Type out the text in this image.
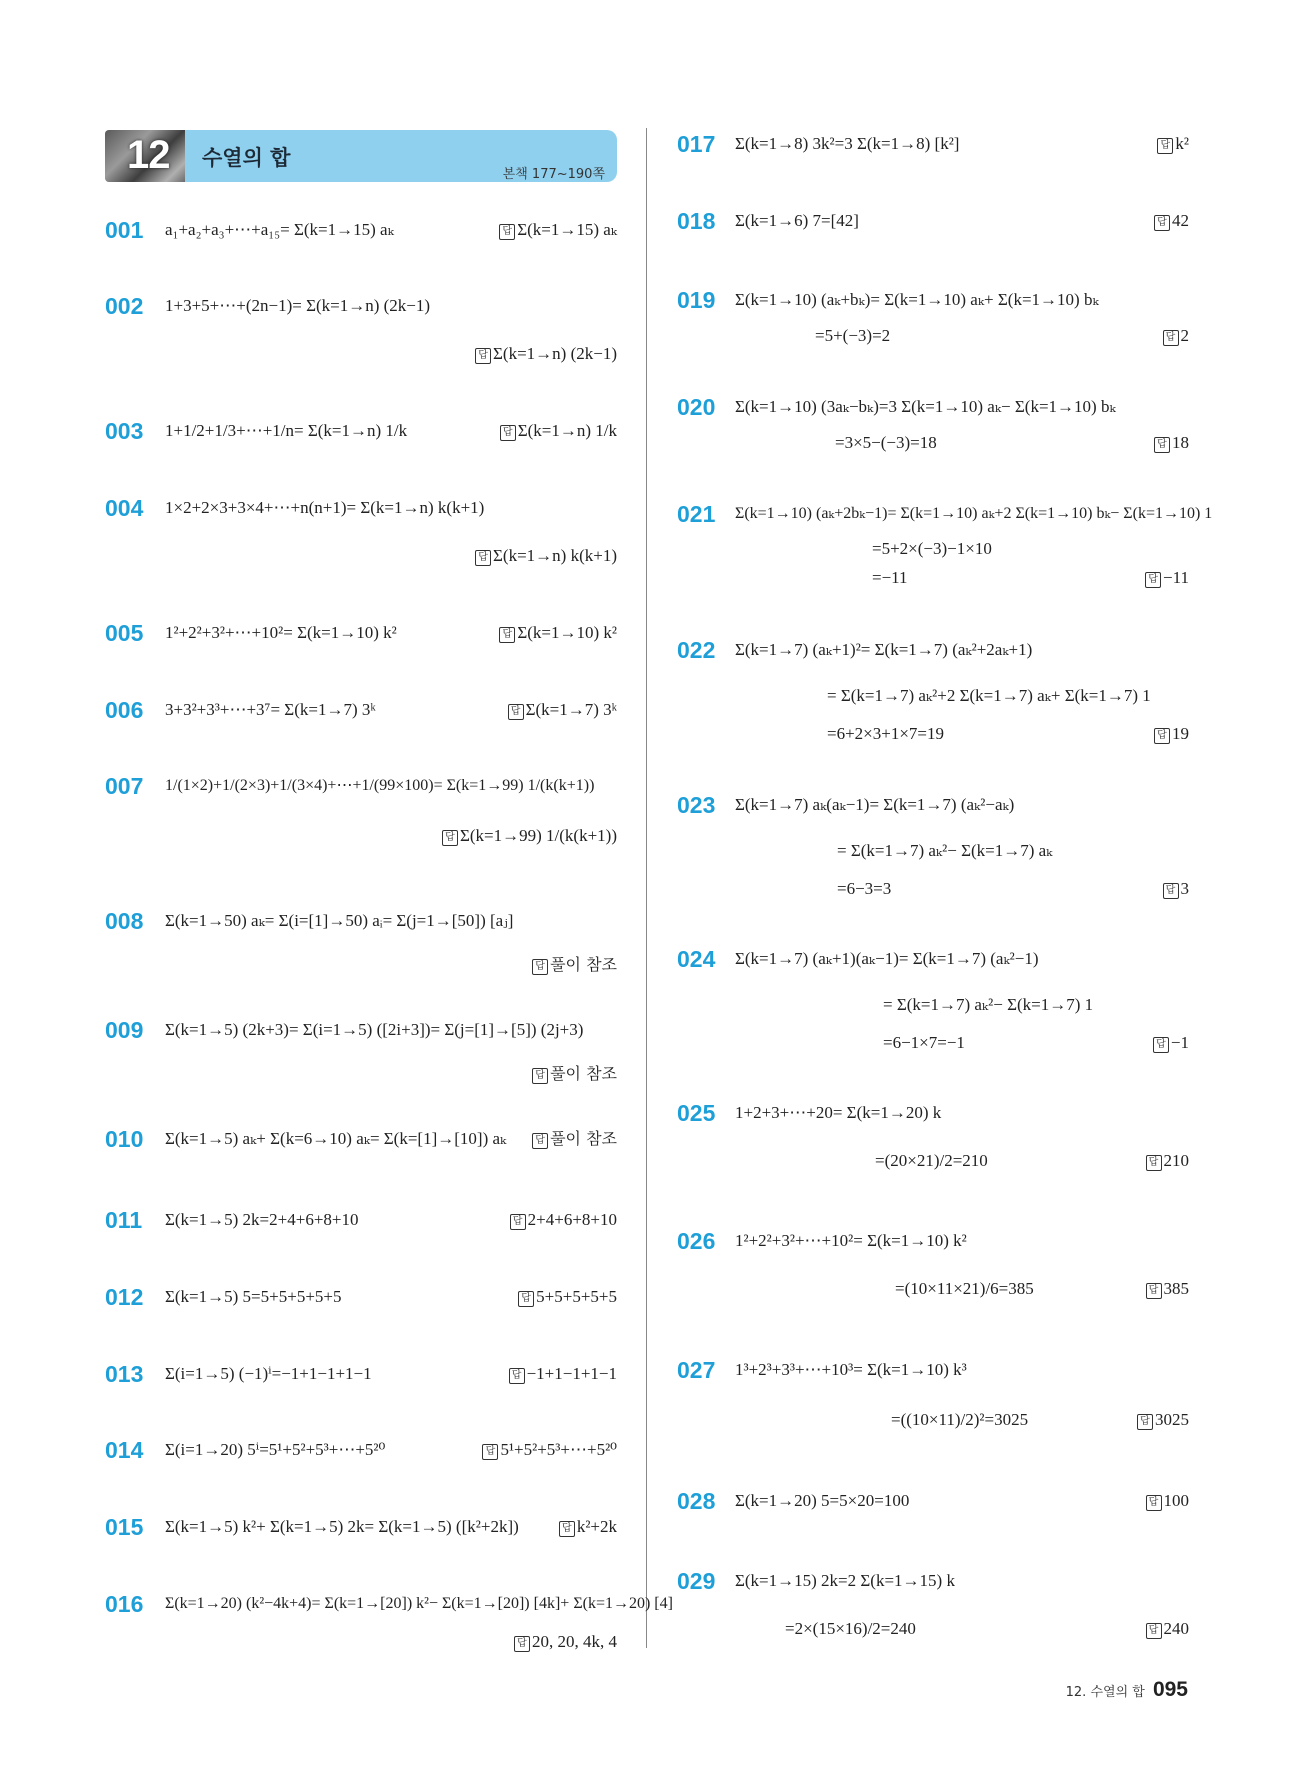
12 수열의 합
본책 177~190쪽
001 a₁+a₂+a₃+⋯+a₁₅= Σ(k=1→15) aₖ	답 Σ(k=1→15) aₖ
002 1+3+5+⋯+(2n−1)= Σ(k=1→n) (2k−1)
답 Σ(k=1→n) (2k−1)
003 1+1/2+1/3+⋯+1/n= Σ(k=1→n) 1/k	답 Σ(k=1→n) 1/k
004 1×2+2×3+3×4+⋯+n(n+1)= Σ(k=1→n) k(k+1)
답 Σ(k=1→n) k(k+1)
005 1²+2²+3²+⋯+10²= Σ(k=1→10) k²	답 Σ(k=1→10) k²
006 3+3²+3³+⋯+3⁷= Σ(k=1→7) 3ᵏ	답 Σ(k=1→7) 3ᵏ
007 1/(1×2)+1/(2×3)+1/(3×4)+⋯+1/(99×100)= Σ(k=1→99) 1/(k(k+1))
답 Σ(k=1→99) 1/(k(k+1))
008 Σ(k=1→50) aₖ= Σ(i=[1]→50) aᵢ= Σ(j=1→[50]) [aⱼ]
답 풀이 참조
009 Σ(k=1→5) (2k+3)= Σ(i=1→5) ([2i+3])= Σ(j=[1]→[5]) (2j+3)
답 풀이 참조
010 Σ(k=1→5) aₖ+ Σ(k=6→10) aₖ= Σ(k=[1]→[10]) aₖ	답 풀이 참조
011 Σ(k=1→5) 2k=2+4+6+8+10	답 2+4+6+8+10
012 Σ(k=1→5) 5=5+5+5+5+5	답 5+5+5+5+5
013 Σ(i=1→5) (−1)ⁱ=−1+1−1+1−1	답 −1+1−1+1−1
014 Σ(i=1→20) 5ⁱ=5¹+5²+5³+⋯+5²⁰	답 5¹+5²+5³+⋯+5²⁰
015 Σ(k=1→5) k²+ Σ(k=1→5) 2k= Σ(k=1→5) ([k²+2k])	답 k²+2k
016 Σ(k=1→20) (k²−4k+4)= Σ(k=1→[20]) k²− Σ(k=1→[20]) [4k]+ Σ(k=1→20) [4]
답 20, 20, 4k, 4
017 Σ(k=1→8) 3k²=3 Σ(k=1→8) [k²]	답 k²
018 Σ(k=1→6) 7=[42]	답 42
019 Σ(k=1→10) (aₖ+bₖ)= Σ(k=1→10) aₖ+ Σ(k=1→10) bₖ
=5+(−3)=2	답 2
020 Σ(k=1→10) (3aₖ−bₖ)=3 Σ(k=1→10) aₖ− Σ(k=1→10) bₖ
=3×5−(−3)=18	답 18
021 Σ(k=1→10) (aₖ+2bₖ−1)= Σ(k=1→10) aₖ+2 Σ(k=1→10) bₖ− Σ(k=1→10) 1
=5+2×(−3)−1×10
=−11	답 −11
022 Σ(k=1→7) (aₖ+1)²= Σ(k=1→7) (aₖ²+2aₖ+1)
= Σ(k=1→7) aₖ²+2 Σ(k=1→7) aₖ+ Σ(k=1→7) 1
=6+2×3+1×7=19	답 19
023 Σ(k=1→7) aₖ(aₖ−1)= Σ(k=1→7) (aₖ²−aₖ)
= Σ(k=1→7) aₖ²− Σ(k=1→7) aₖ
=6−3=3	답 3
024 Σ(k=1→7) (aₖ+1)(aₖ−1)= Σ(k=1→7) (aₖ²−1)
= Σ(k=1→7) aₖ²− Σ(k=1→7) 1
=6−1×7=−1	답 −1
025 1+2+3+⋯+20= Σ(k=1→20) k
=(20×21)/2=210	답 210
026 1²+2²+3²+⋯+10²= Σ(k=1→10) k²
=(10×11×21)/6=385	답 385
027 1³+2³+3³+⋯+10³= Σ(k=1→10) k³
=((10×11)/2)²=3025	답 3025
028 Σ(k=1→20) 5=5×20=100	답 100
029 Σ(k=1→15) 2k=2 Σ(k=1→15) k
=2×(15×16)/2=240	답 240
12. 수열의 합 095
